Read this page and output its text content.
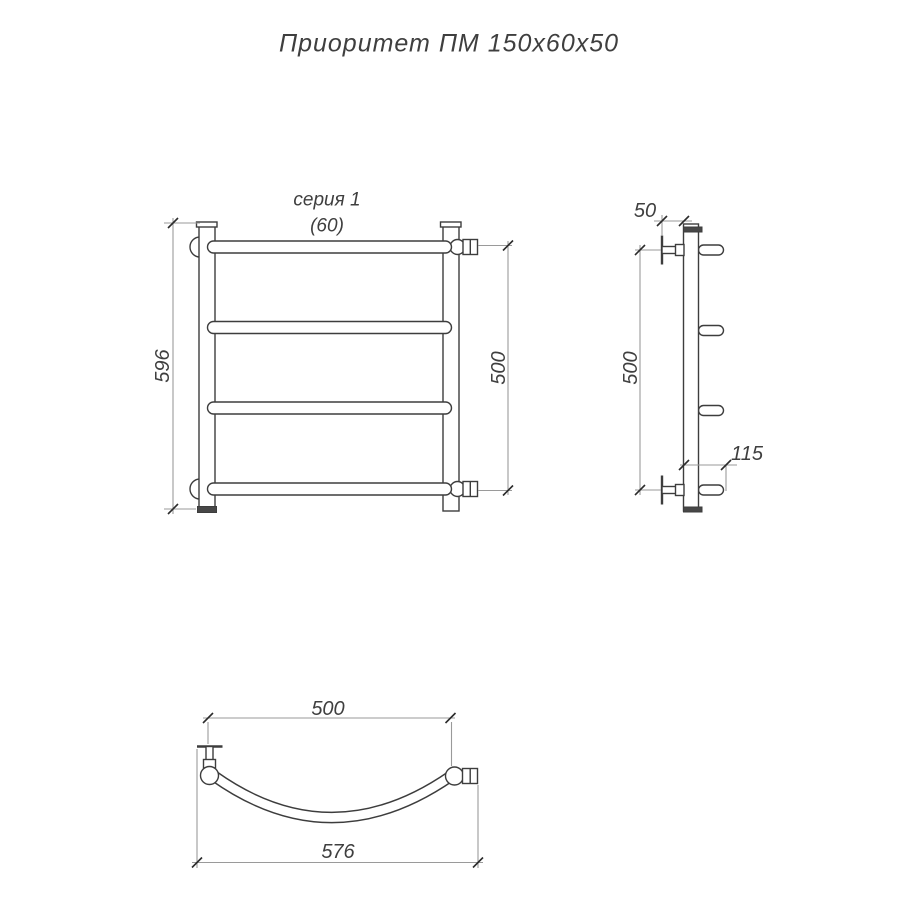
Приоритет ПМ 150х60х50
серия 1
(60)
596	500
50
500
115
500
576
